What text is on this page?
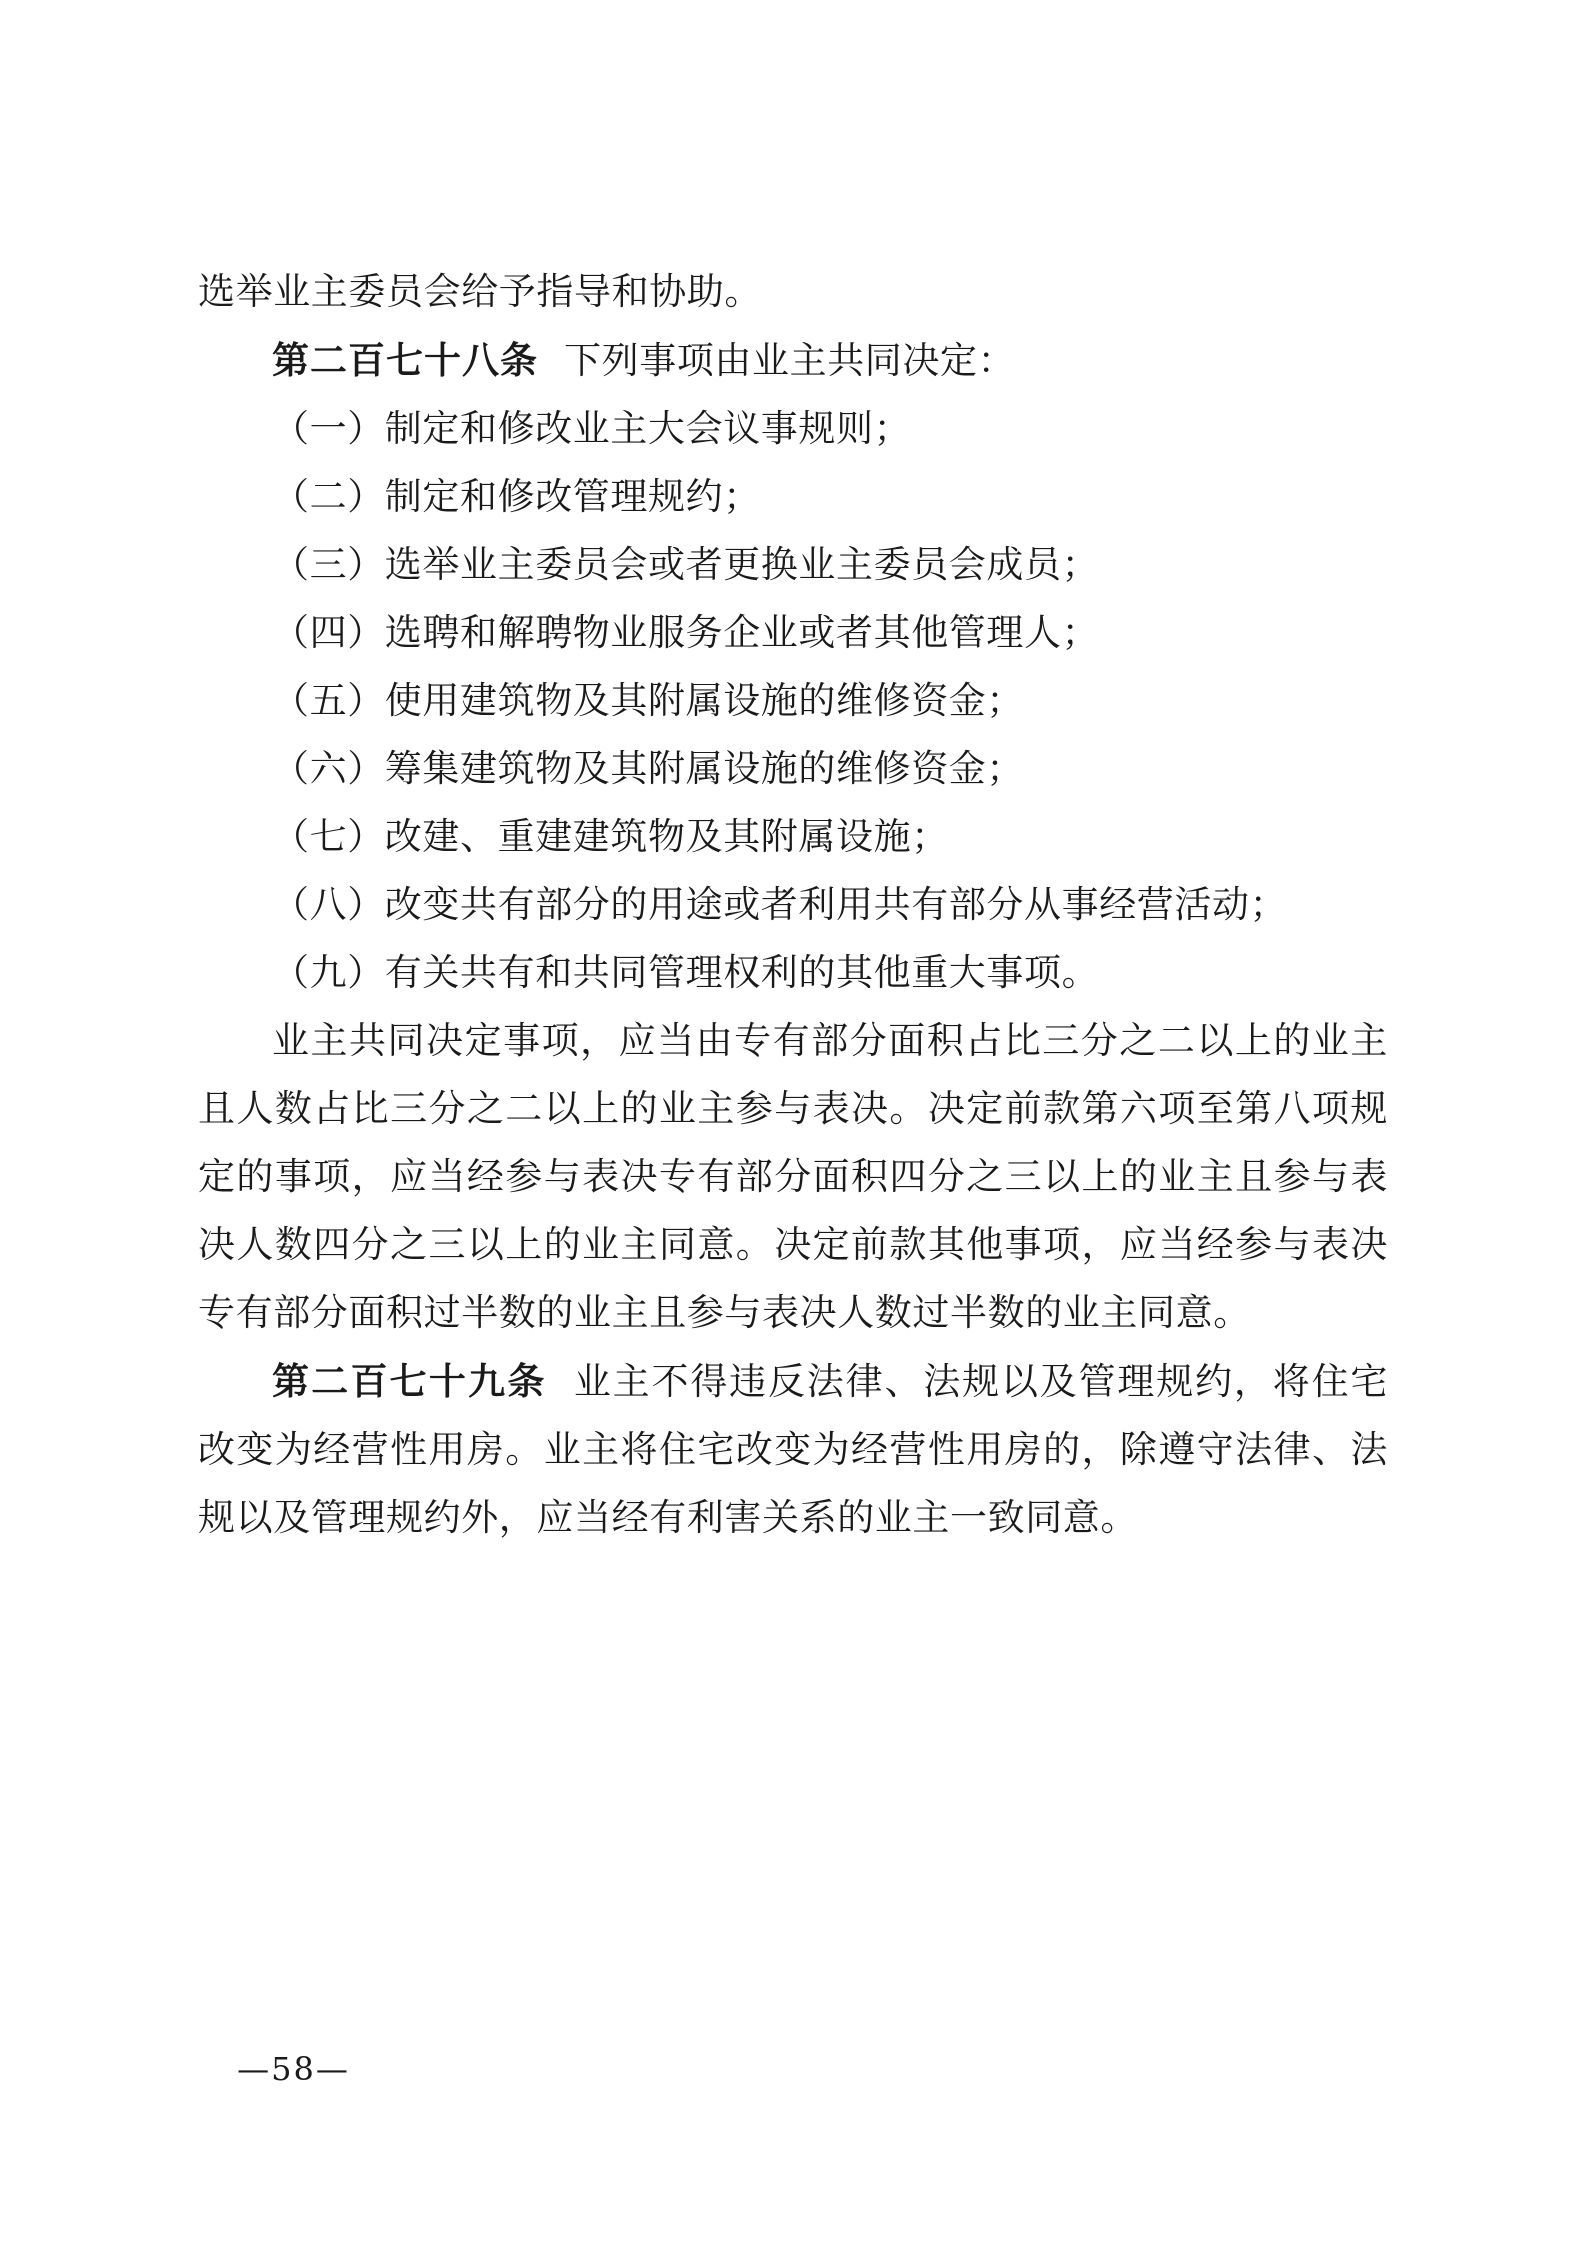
选举业主委员会给予指导和协助。

第二百七十八条 下列事项由业主共同决定：

（一）制定和修改业主大会议事规则；

（二）制定和修改管理规约；

（三）选举业主委员会或者更换业主委员会成员；

（四）选聘和解聘物业服务企业或者其他管理人；

（五）使用建筑物及其附属设施的维修资金；

（六）筹集建筑物及其附属设施的维修资金；

（七）改建、重建建筑物及其附属设施；

（八）改变共有部分的用途或者利用共有部分从事经营活动；

（九）有关共有和共同管理权利的其他重大事项。

业主共同决定事项，应当由专有部分面积占比三分之二以上的业主且人数占比三分之二以上的业主参与表决。决定前款第六项至第八项规定的事项，应当经参与表决专有部分面积四分之三以上的业主且参与表决人数四分之三以上的业主同意。决定前款其他事项，应当经参与表决专有部分面积过半数的业主且参与表决人数过半数的业主同意。

第二百七十九条 业主不得违反法律、法规以及管理规约，将住宅改变为经营性用房。业主将住宅改变为经营性用房的，除遵守法律、法规以及管理规约外，应当经有利害关系的业主一致同意。

—58—
